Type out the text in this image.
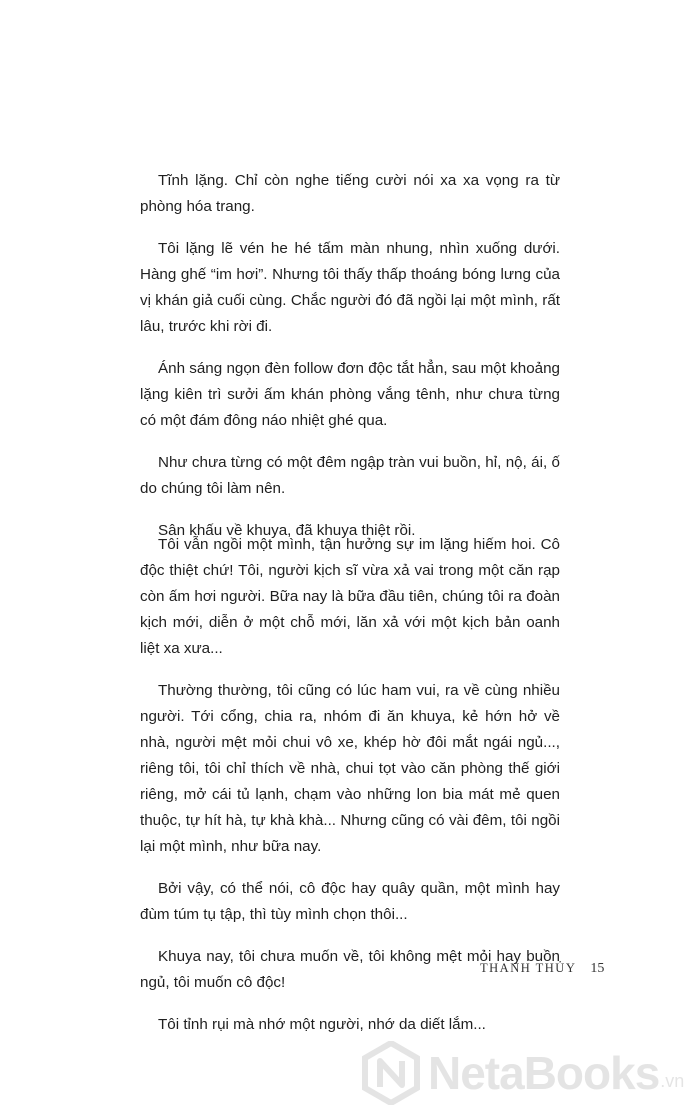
Tĩnh lặng. Chỉ còn nghe tiếng cười nói xa xa vọng ra từ phòng hóa trang.

Tôi lặng lẽ vén he hé tấm màn nhung, nhìn xuống dưới. Hàng ghế “im hơi”. Nhưng tôi thấy thấp thoáng bóng lưng của vị khán giả cuối cùng. Chắc người đó đã ngồi lại một mình, rất lâu, trước khi rời đi.

Ánh sáng ngọn đèn follow đơn độc tắt hẳn, sau một khoảng lặng kiên trì sưởi ấm khán phòng vắng tênh, như chưa từng có một đám đông náo nhiệt ghé qua.

Như chưa từng có một đêm ngập tràn vui buồn, hỉ, nộ, ái, ố do chúng tôi làm nên.

Sân khấu về khuya, đã khuya thiệt rồi.

Tôi vẫn ngồi một mình, tận hưởng sự im lặng hiếm hoi. Cô độc thiệt chứ! Tôi, người kịch sĩ vừa xả vai trong một căn rạp còn ấm hơi người. Bữa nay là bữa đầu tiên, chúng tôi ra đoàn kịch mới, diễn ở một chỗ mới, lăn xả với một kịch bản oanh liệt xa xưa...

Thường thường, tôi cũng có lúc ham vui, ra về cùng nhiều người. Tới cổng, chia ra, nhóm đi ăn khuya, kẻ hớn hở về nhà, người mệt mỏi chui vô xe, khép hờ đôi mắt ngái ngủ..., riêng tôi, tôi chỉ thích về nhà, chui tọt vào căn phòng thế giới riêng, mở cái tủ lạnh, chạm vào những lon bia mát mẻ quen thuộc, tự hít hà, tự khà khà... Nhưng cũng có vài đêm, tôi ngồi lại một mình, như bữa nay.

Bởi vậy, có thể nói, cô độc hay quây quần, một mình hay đùm túm tụ tập, thì tùy mình chọn thôi...

Khuya nay, tôi chưa muốn về, tôi không mệt mỏi hay buồn ngủ, tôi muốn cô độc!

Tôi tỉnh rụi mà nhớ một người, nhớ da diết lắm...

THANH THỦY 15
NetaBooks .vn
